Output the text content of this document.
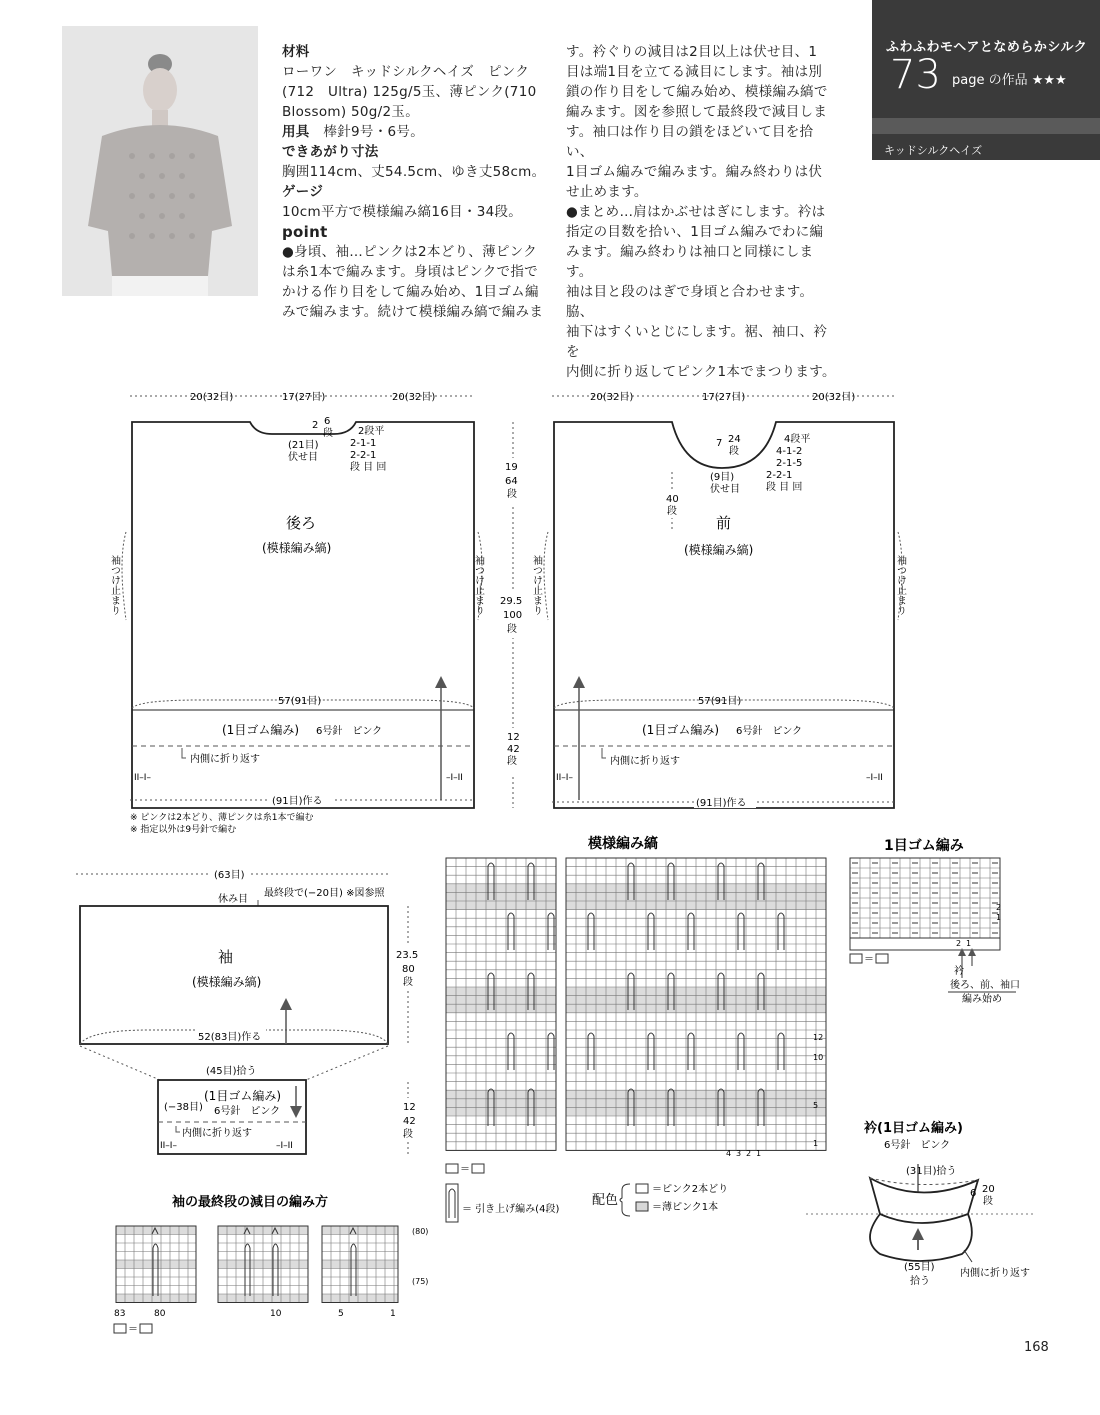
材料

ローワン　キッドシルクヘイズ　ピンク

(712　Ultra) 125g/5玉、薄ピンク(710

Blossom) 50g/2玉。

用具　 棒針9号・6号。

できあがり寸法

胸囲114cm、丈54.5cm、ゆき丈58cm。

ゲージ

10cm平方で模様編み縞16目・34段。

point

●身頃、袖…ピンクは2本どり、薄ピンク

は糸1本で編みます。身頃はピンクで指で

かける作り目をして編み始め、1目ゴム編

みで編みます。続けて模様編み縞で編みま

す。衿ぐりの減目は2目以上は伏せ目、1

目は端1目を立てる減目にします。袖は別

鎖の作り目をして編み始め、模様編み縞で

編みます。図を参照して最終段で減目しま

す。袖口は作り目の鎖をほどいて目を拾い、

1目ゴム編みで編みます。編み終わりは伏

せ止めます。

●まとめ…肩はかぶせはぎにします。衿は

指定の目数を拾い、1目ゴム編みでわに編

みます。編み終わりは袖口と同様にします。

袖は目と段のはぎで身頃と合わせます。脇、

袖下はすくいとじにします。裾、袖口、衿を

内側に折り返してピンク1本でまつります。

ふわふわモヘアとなめらかシルク
73 page の作品 ★★★
キッドシルクヘイズ
20(32目)	17(27目)	20(32目)
2 6
段
(21目)
伏せ目
2段平
2-1-1
2-2-1
段 目 回
後ろ
(模様編み縞)
袖つけ止まり	袖つけ止まり
19
64
段
29.5
100
段
12
42
段
57(91目)
(1目ゴム編み) 6号針　ピンク
内側に折り返す
II–I–	–I–II
(91目)作る
※ ピンクは2本どり、薄ピンクは糸1本で編む
※ 指定以外は9号針で編む
20(32目)	17(27目)	20(32目)
7 24
段
(9目)
伏せ目
4段平
4-1-2
2-1-5
2-2-1
段 目 回
40
段
前
(模様編み縞)
袖つけ止まり	袖つけ止まり
57(91目)
(1目ゴム編み) 6号針　ピンク
内側に折り返す
II–I–	–I–II
(91目)作る
(63目)
休み目
最終段で(−20目) ※図参照
袖
(模様編み縞)
23.5
80
段
52(83目)作る
(45目)拾う
(1目ゴム編み)
6号針　ピンク
(−38目)
内側に折り返す
II–I–	–I–II
12
42
段
袖の最終段の減目の編み方
(80)
(75)
83	80	10	5	1
＝
模様編み縞
12
10
5
1
4 3 2 1
＝
＝ 引き上げ編み(4段)
配色
＝ピンク2本どり
＝薄ピンク1本
1目ゴム編み
2
1
2 1
＝
衿
後ろ、前、袖口
編み始め
衿(1目ゴム編み)
6号針　ピンク
(31目)拾う
6 20
段
(55目)
拾う
内側に折り返す
168
